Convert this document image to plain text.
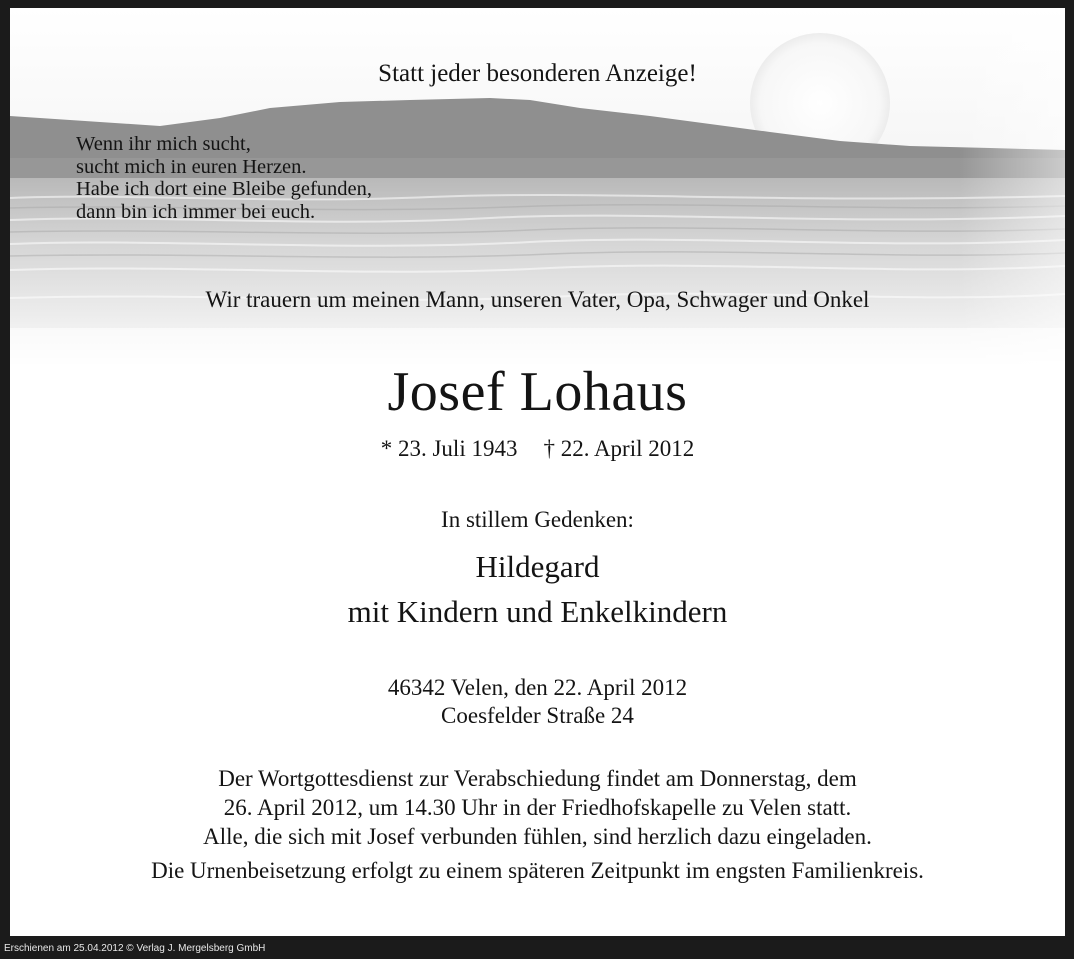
Statt jeder besonderen Anzeige!
Wenn ihr mich sucht,
sucht mich in euren Herzen.
Habe ich dort eine Bleibe gefunden,
dann bin ich immer bei euch.
Wir trauern um meinen Mann, unseren Vater, Opa, Schwager und Onkel
Josef Lohaus
* 23. Juli 1943 † 22. April 2012
In stillem Gedenken:
Hildegard
mit Kindern und Enkelkindern
46342 Velen, den 22. April 2012
Coesfelder Straße 24
Der Wortgottesdienst zur Verabschiedung findet am Donnerstag, dem
26. April 2012, um 14.30 Uhr in der Friedhofskapelle zu Velen statt.
Alle, die sich mit Josef verbunden fühlen, sind herzlich dazu eingeladen.
Die Urnenbeisetzung erfolgt zu einem späteren Zeitpunkt im engsten Familienkreis.
Erschienen am 25.04.2012 © Verlag J. Mergelsberg GmbH
